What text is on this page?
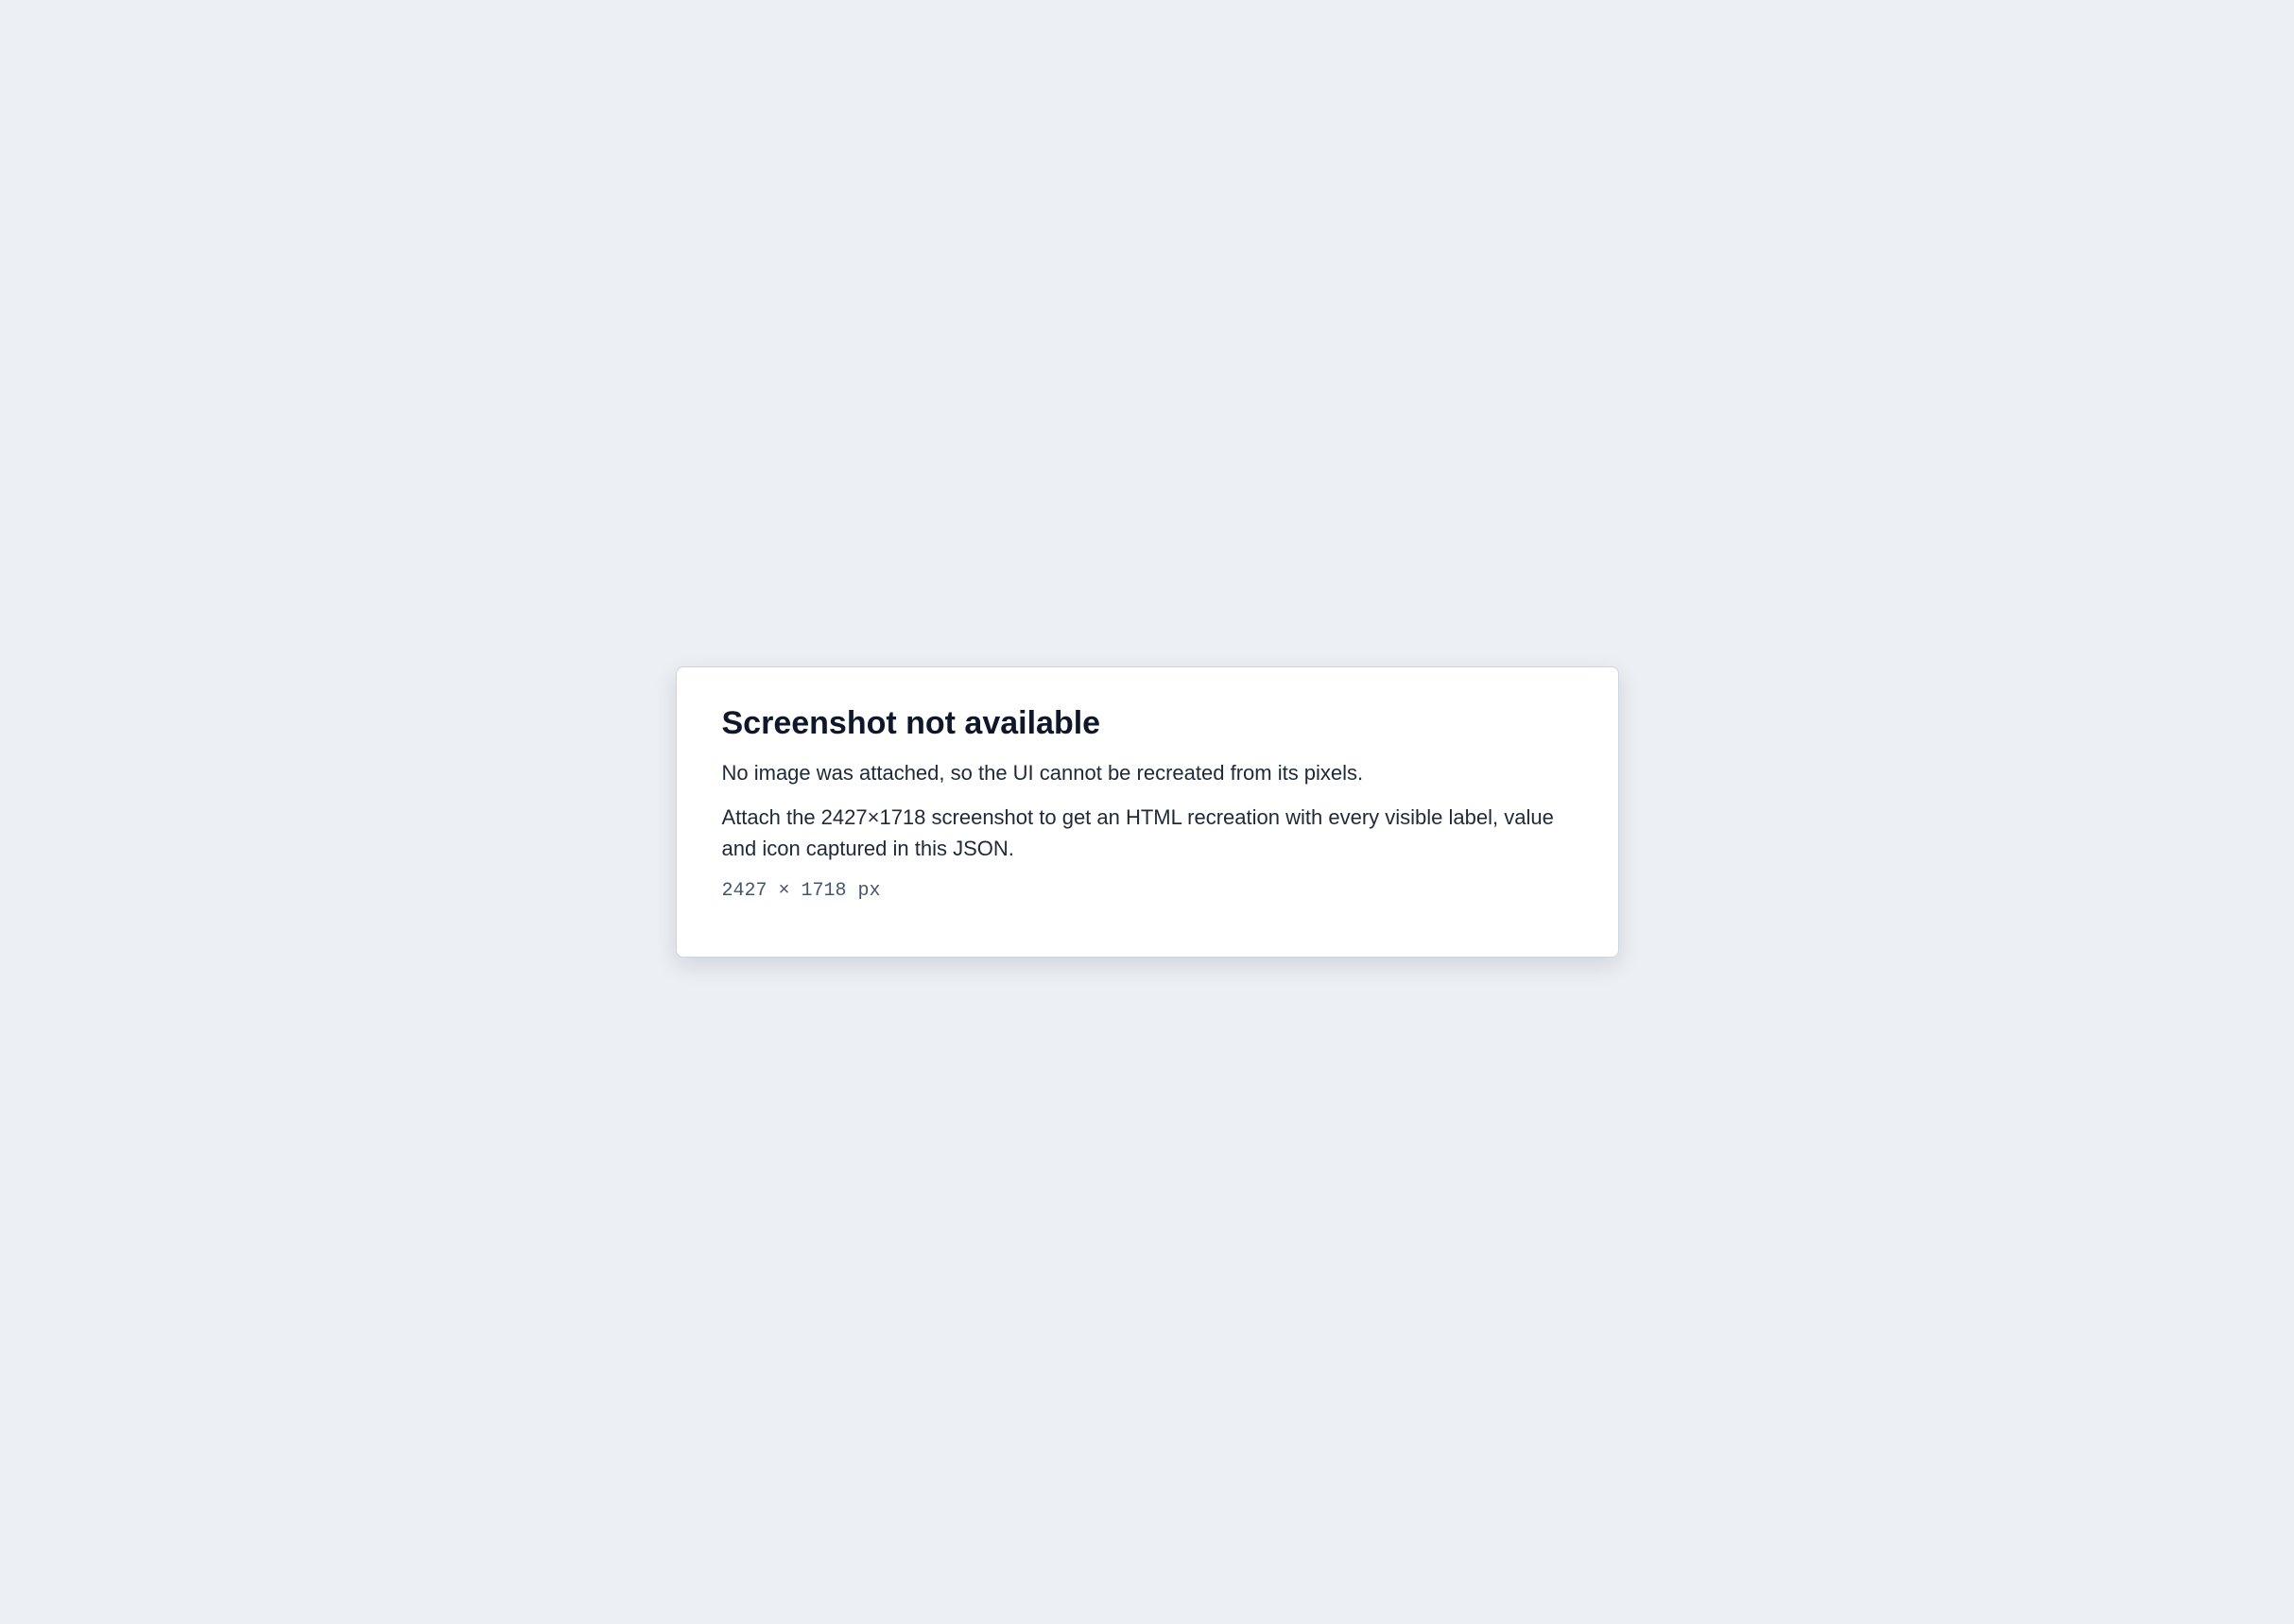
Screenshot not available

No image was attached, so the UI cannot be recreated from its pixels.

Attach the 2427×1718 screenshot to get an HTML recreation with every visible label, value and icon captured in this JSON.

2427 × 1718 px
